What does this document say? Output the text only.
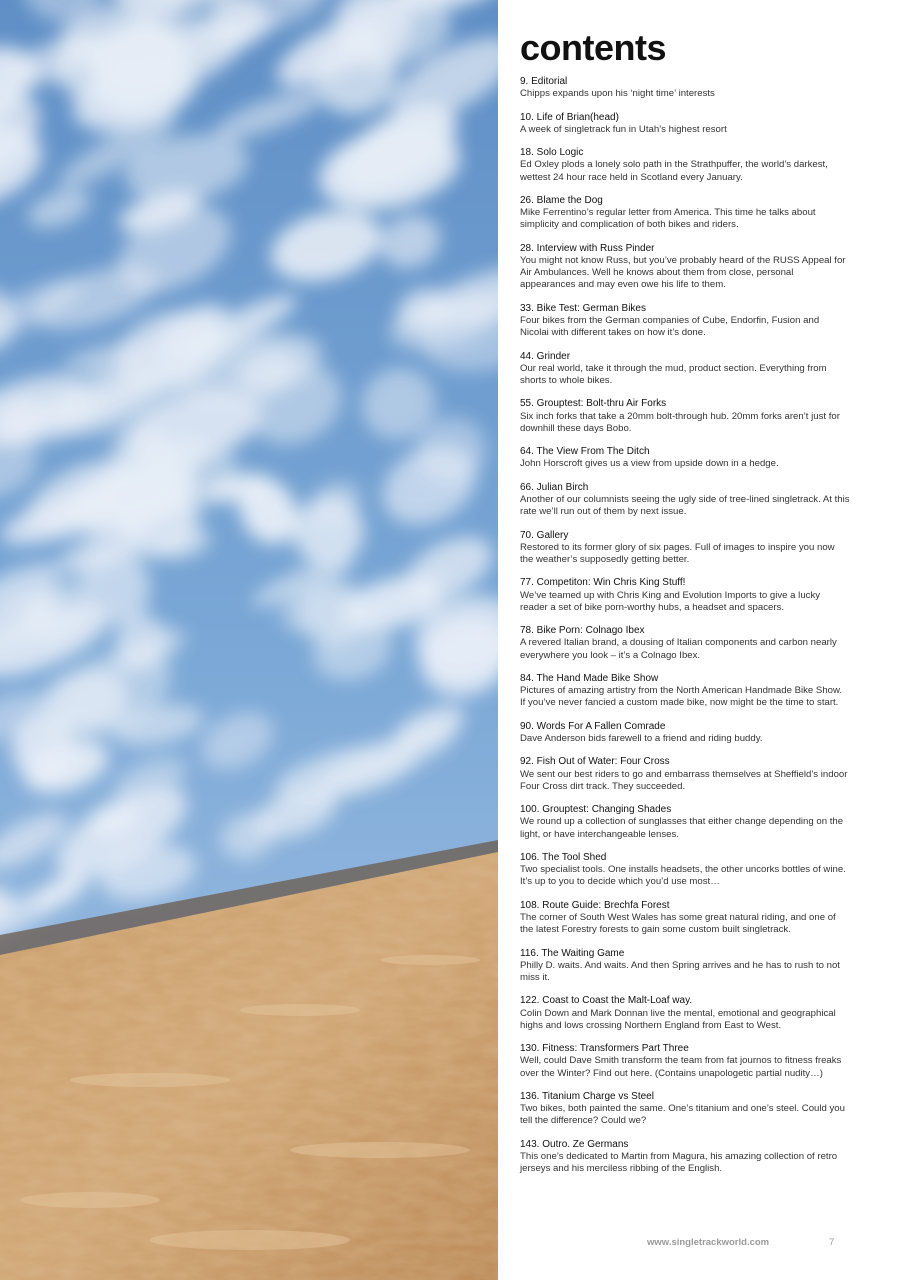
contents
9. Editorial
Chipps expands upon his ‘night time’ interests
10. Life of Brian(head)
A week of singletrack fun in Utah’s highest resort
18. Solo Logic
Ed Oxley plods a lonely solo path in the Strathpuffer, the world’s darkest, wettest 24 hour race held in Scotland every January.
26. Blame the Dog
Mike Ferrentino’s regular letter from America. This time he talks about simplicity and complication of both bikes and riders.
28. Interview with Russ Pinder
You might not know Russ, but you’ve probably heard of the RUSS Appeal for Air Ambulances. Well he knows about them from close, personal appearances and may even owe his life to them.
33. Bike Test: German Bikes
Four bikes from the German companies of Cube, Endorfin, Fusion and Nicolai with different takes on how it’s done.
44. Grinder
Our real world, take it through the mud, product section. Everything from shorts to whole bikes.
55. Grouptest: Bolt-thru Air Forks
Six inch forks that take a 20mm bolt-through hub. 20mm forks aren’t just for downhill these days Bobo.
64. The View From The Ditch
John Horscroft gives us a view from upside down in a hedge.
66. Julian Birch
Another of our columnists seeing the ugly side of tree-lined singletrack. At this rate we’ll run out of them by next issue.
70. Gallery
Restored to its former glory of six pages. Full of images to inspire you now the weather’s supposedly getting better.
77. Competiton: Win Chris King Stuff!
We’ve teamed up with Chris King and Evolution Imports to give a lucky reader a set of bike porn-worthy hubs, a headset and spacers.
78. Bike Porn: Colnago Ibex
A revered Italian brand, a dousing of Italian components and carbon nearly everywhere you look – it’s a Colnago Ibex.
84. The Hand Made Bike Show
Pictures of amazing artistry from the North American Handmade Bike Show. If you’ve never fancied a custom made bike, now might be the time to start.
90. Words For A Fallen Comrade
Dave Anderson bids farewell to a friend and riding buddy.
92. Fish Out of Water: Four Cross
We sent our best riders to go and embarrass themselves at Sheffield’s indoor Four Cross dirt track. They succeeded.
100. Grouptest: Changing Shades
We round up a collection of sunglasses that either change depending on the light, or have interchangeable lenses.
106. The Tool Shed
Two specialist tools. One installs headsets, the other uncorks bottles of wine. It’s up to you to decide which you’d use most…
108. Route Guide: Brechfa Forest
The corner of South West Wales has some great natural riding, and one of the latest Forestry forests to gain some custom built singletrack.
116. The Waiting Game
Philly D. waits. And waits. And then Spring arrives and he has to rush to not miss it.
122. Coast to Coast the Malt-Loaf way.
Colin Down and Mark Donnan live the mental, emotional and geographical highs and lows crossing Northern England from East to West.
130. Fitness: Transformers Part Three
Well, could Dave Smith transform the team from fat journos to fitness freaks over the Winter? Find out here. (Contains unapologetic partial nudity…)
136. Titanium Charge vs Steel
Two bikes, both painted the same. One’s titanium and one’s steel. Could you tell the difference? Could we?
143. Outro. Ze Germans
This one’s dedicated to Martin from Magura, his amazing collection of retro jerseys and his merciless ribbing of the English.
www.singletrackworld.com	7
